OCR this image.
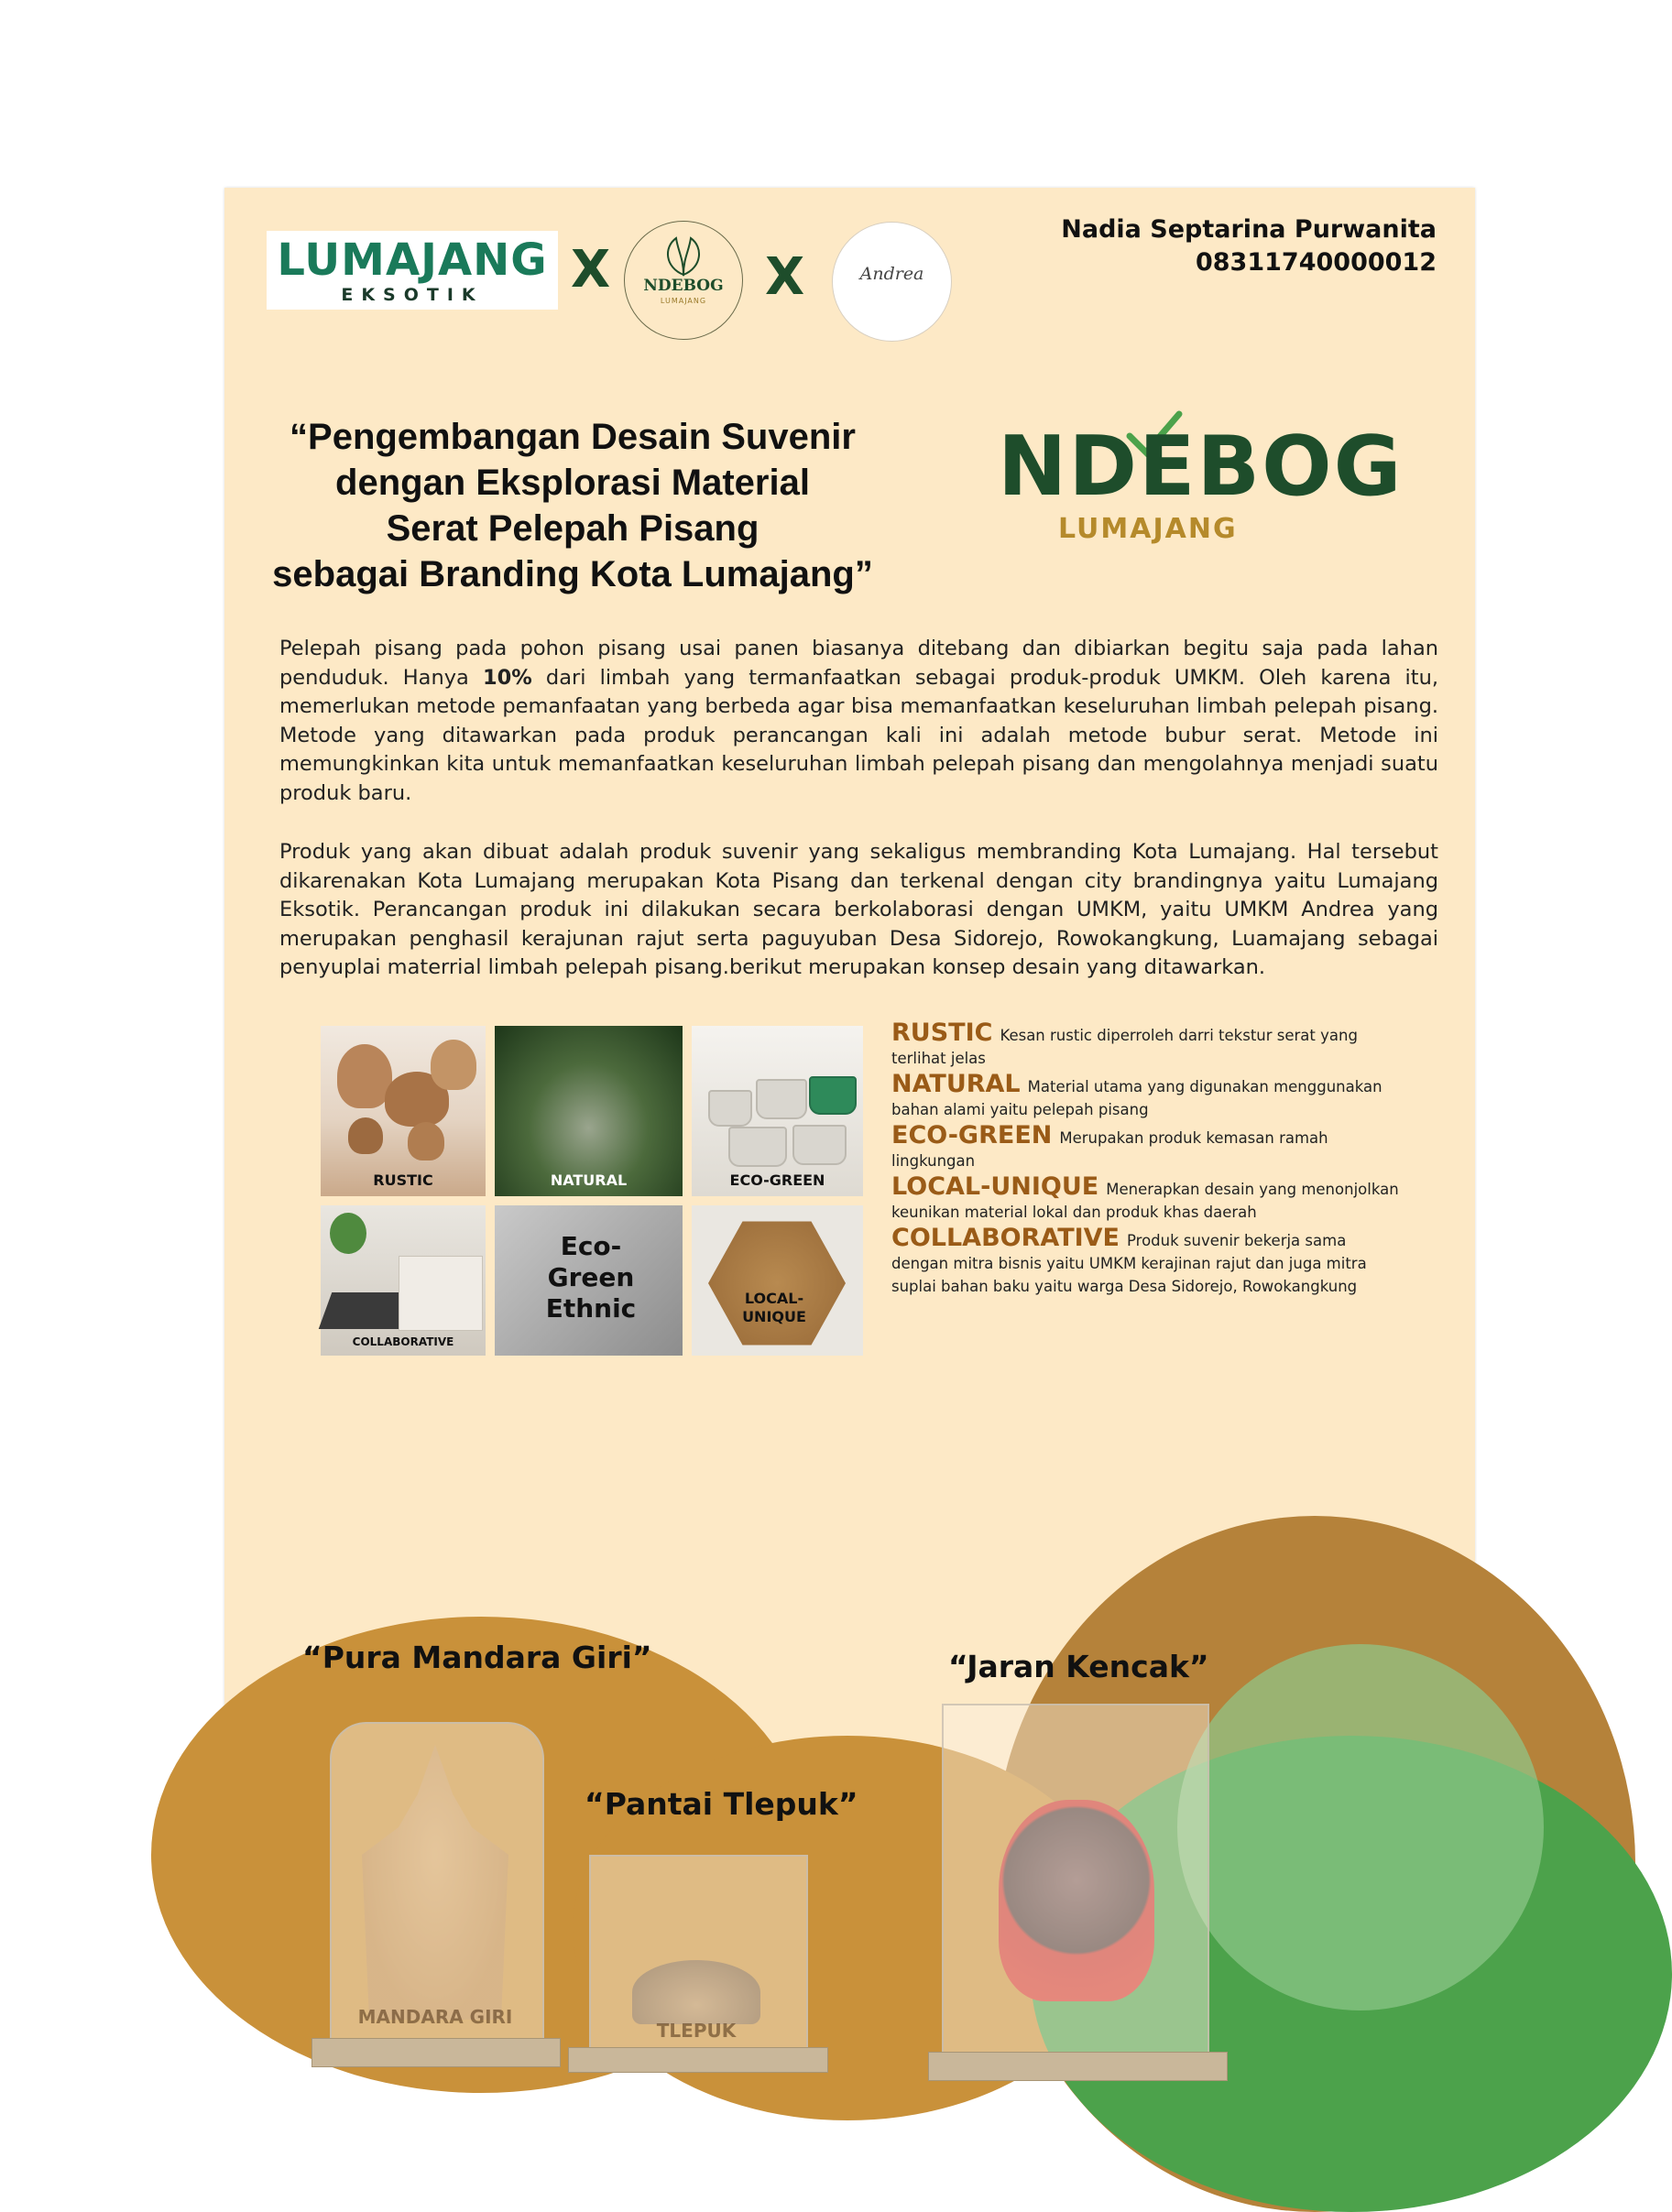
LUMAJANG
EKSOTIK	X	NDEBOG
LUMAJANG	X	Andrea
Nadia Septarina Purwanita
08311740000012
“Pengembangan Desain Suvenir
dengan Eksplorasi Material
Serat Pelepah Pisang
sebagai Branding Kota Lumajang”
NDEBOG
LUMAJANG
Pelepah pisang pada pohon pisang usai panen biasanya ditebang dan dibiarkan begitu saja pada lahan penduduk. Hanya 10% dari limbah yang termanfaatkan sebagai produk-produk UMKM. Oleh karena itu, memerlukan metode pemanfaatan yang berbeda agar bisa memanfaatkan keseluruhan limbah pelepah pisang. Metode yang ditawarkan pada produk perancangan kali ini adalah metode bubur serat. Metode ini memungkinkan kita untuk memanfaatkan keseluruhan limbah pelepah pisang dan mengolahnya menjadi suatu produk baru.
Produk yang akan dibuat adalah produk suvenir yang sekaligus membranding Kota Lumajang. Hal tersebut dikarenakan Kota Lumajang merupakan Kota Pisang dan terkenal dengan city brandingnya yaitu Lumajang Eksotik. Perancangan produk ini dilakukan secara berkolaborasi dengan UMKM, yaitu UMKM Andrea yang merupakan penghasil kerajunan rajut serta paguyuban Desa Sidorejo, Rowokangkung, Luamajang sebagai penyuplai materrial limbah pelepah pisang.berikut merupakan konsep desain yang ditawarkan.
RUSTIC	NATURAL	ECO-GREEN
COLLABORATIVE
Eco-Green Ethnic	LOCAL-UNIQUE
RUSTIC Kesan rustic diperroleh darri tekstur serat yang terlihat jelas
NATURAL Material utama yang digunakan menggunakan bahan alami yaitu pelepah pisang
ECO-GREEN Merupakan produk kemasan ramah lingkungan
LOCAL-UNIQUE Menerapkan desain yang menonjolkan keunikan material lokal dan produk khas daerah
COLLABORATIVE Produk suvenir bekerja sama dengan mitra bisnis yaitu UMKM kerajinan rajut dan juga mitra suplai bahan baku yaitu warga Desa Sidorejo, Rowokangkung
“Pura Mandara Giri”
“Pantai Tlepuk”
“Jaran Kencak”
MANDARA GIRI
TLEPUK
